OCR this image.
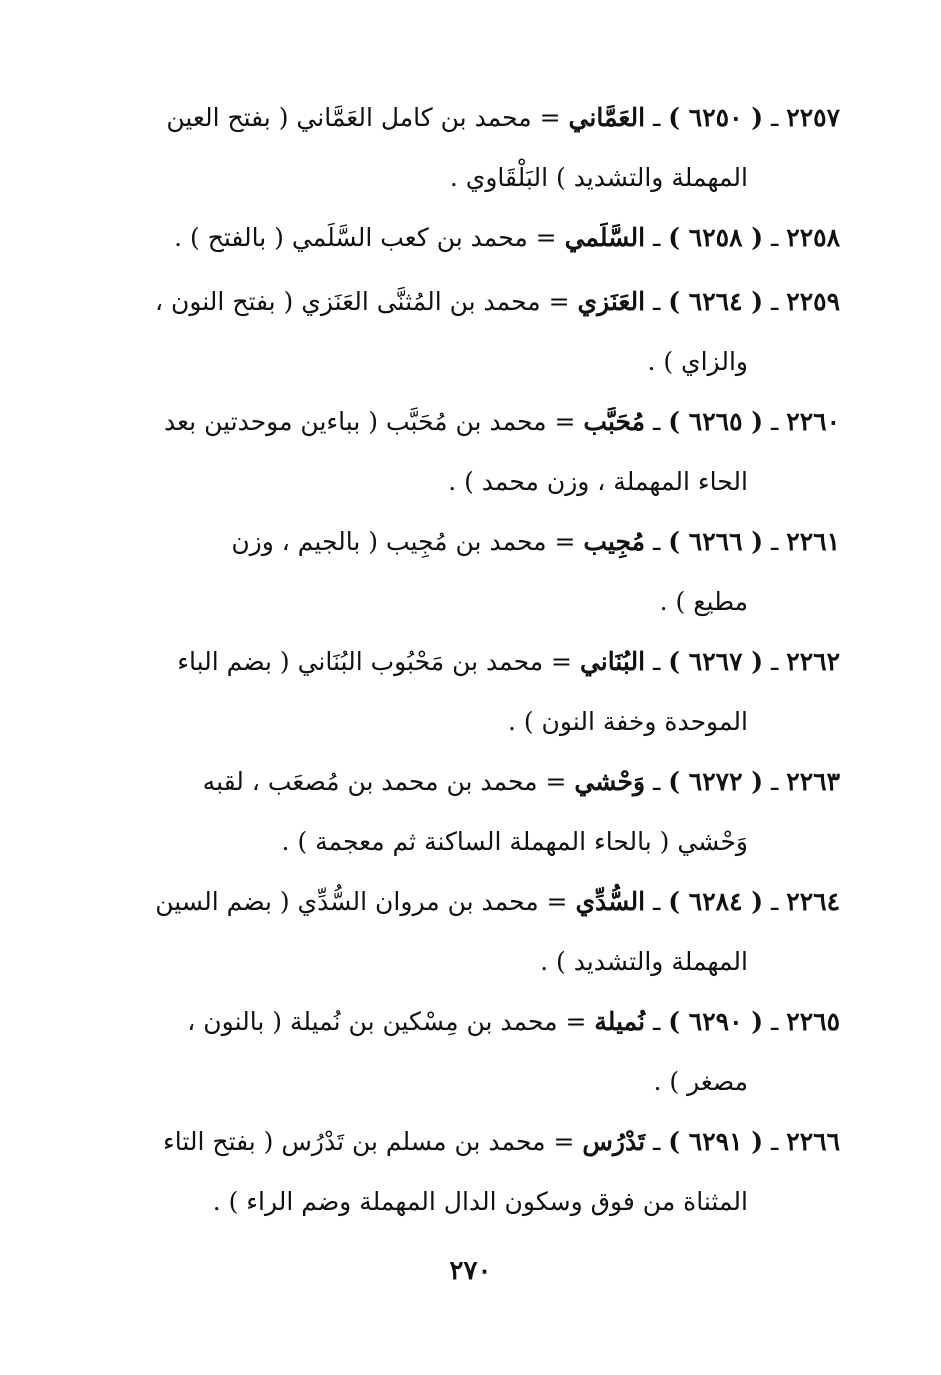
٢٢٥٧ ـ ( ٦٢٥٠ ) ـ العَمَّاني = محمد بن كامل العَمَّاني ( بفتح العين
المهملة والتشديد ) البَلْقَاوي .

٢٢٥٨ ـ ( ٦٢٥٨ ) ـ السَّلَمي = محمد بن كعب السَّلَمي ( بالفتح ) .

٢٢٥٩ ـ ( ٦٢٦٤ ) ـ العَنَزي = محمد بن المُثنَّى العَنَزي ( بفتح النون ،
والزاي ) .

٢٢٦٠ ـ ( ٦٢٦٥ ) ـ مُحَبَّب = محمد بن مُحَبَّب ( بباءين موحدتين بعد
الحاء المهملة ، وزن محمد ) .

٢٢٦١ ـ ( ٦٢٦٦ ) ـ مُجِيب = محمد بن مُجِيب ( بالجيم ، وزن
مطيع ) .

٢٢٦٢ ـ ( ٦٢٦٧ ) ـ البُنَاني = محمد بن مَحْبُوب البُنَاني ( بضم الباء
الموحدة وخفة النون ) .

٢٢٦٣ ـ ( ٦٢٧٢ ) ـ وَحْشي = محمد بن محمد بن مُصعَب ، لقبه
وَحْشي ( بالحاء المهملة الساكنة ثم معجمة ) .

٢٢٦٤ ـ ( ٦٢٨٤ ) ـ السُّدِّي = محمد بن مروان السُّدِّي ( بضم السين
المهملة والتشديد ) .

٢٢٦٥ ـ ( ٦٢٩٠ ) ـ نُميلة = محمد بن مِسْكين بن نُميلة ( بالنون ،
مصغر ) .

٢٢٦٦ ـ ( ٦٢٩١ ) ـ تَدْرُس = محمد بن مسلم بن تَدْرُس ( بفتح التاء
المثناة من فوق وسكون الدال المهملة وضم الراء ) .

٢٧٠
